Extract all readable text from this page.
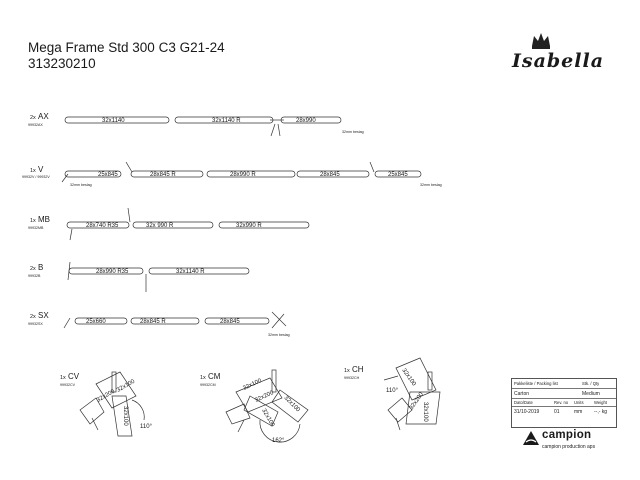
Mega Frame Std 300 C3 G21-24
313230210	Isabella
2x AX
99932AX
32x1140	32x1140 R	28x990
32mm beslag
1x V
99932V / 99932V	25x845	28x845 R	28x990 R	28x845	25x845
32mm beslag	32mm beslag
1x MB
99932MB	28x740 R35	32x 990 R	32x990 R
2x B
99932B
28x990 R35	32x1140 R
2x SX
99932SX	25x660	28x845 R	28x845
32mm beslag
1x CV
99932CV
32x200
32x100
32x100
110°
1x CM
99932CM	32x100
32x200
32x100
32x100
162°
1x CH
99932CH	32x100
32x200
32x100
110°
Pakkeliste / Packing list	Stk. / Qty
Carton	Medium
Dato/Date	Rev. no	Units	Weight
31/10-2019	01	mm	--,- kg
campion
campion production aps
